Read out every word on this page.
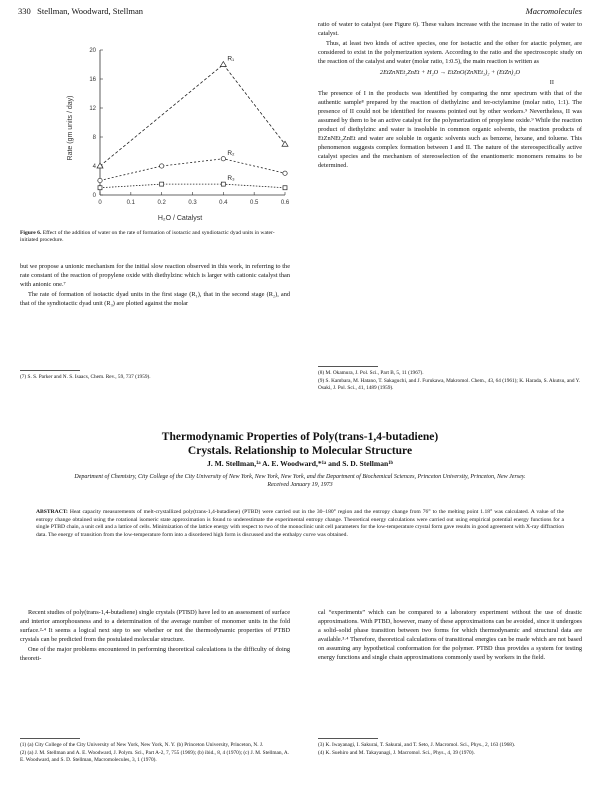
330 Stellman, Woodward, Stellman	Macromolecules
0	0.1	0.2	0.3	0.4	0.5	0.6
0
4
8
12
16
20
R₁
R₂
R₃
Rate (gm units / day)
H₂O / Catalyst
Figure 6. Effect of the addition of water on the rate of formation of isotactic and syndiotactic dyad units in water-initiated procedure.

but we propose a unionic mechanism for the initial slow reaction observed in this work, in referring to the rate constant of the reaction of propylene oxide with diethylzinc which is larger with cationic catalyst than with anionic one.⁷

The rate of formation of isotactic dyad units in the first stage (R₁), that in the second stage (R₂), and that of the syndiotactic dyad unit (R₃) are plotted against the molar

(7) S. S. Parker and N. S. Isaacs, Chem. Rev., 59, 737 (1959).

ratio of water to catalyst (see Figure 6). These values increase with the increase in the ratio of water to catalyst.

Thus, at least two kinds of active species, one for isotactic and the other for atactic polymer, are considered to exist in the polymerization system. According to the ratio and the spectroscopic study on the reaction of the catalyst and water (molar ratio, 1:0.5), the main reaction is written as

2EtZnNEt₂ZnEt + H₂O → EtZnO(ZnNEt₂)₂ + (EtZn)₂O
II

The presence of I in the products was identified by comparing the nmr spectrum with that of the authentic sample⁸ prepared by the reaction of diethylzinc and ter-octylamine (molar ratio, 1:1). The presence of II could not be identified for reasons pointed out by other workers.⁹ Nevertheless, II was assumed by them to be an active catalyst for the polymerization of propylene oxide.⁹ While the reaction product of diethylzinc and water is insoluble in common organic solvents, the reaction products of EtZnNEt₂ZnEt and water are soluble in organic solvents such as benzene, hexane, and toluene. This phenomenon suggests complex formation between I and II. The nature of the stereospecifically active catalyst species and the mechanism of stereoselection of the enantiomeric monomers remains to be determined.

(8) M. Okamura, J. Pol. Sci., Part B, 5, 11 (1967).
(9) S. Kambara, M. Hatano, T. Sakaguchi, and J. Furukawa, Makromol. Chem., 43, 64 (1961); K. Harada, S. Akutsu, and Y. Osaki, J. Pol. Sci., 41, 1489 (1959).
Thermodynamic Properties of Poly(trans-1,4-butadiene)
Crystals. Relationship to Molecular Structure
J. M. Stellman,¹ᵃ A. E. Woodward,*¹ᵃ and S. D. Stellman¹ᵇ
Department of Chemistry, City College of the City University of New York, New York, New York, and the Department of Biochemical Sciences, Princeton University, Princeton, New Jersey. Received January 19, 1973
ABSTRACT: Heat capacity measurements of melt-crystallized poly(trans-1,4-butadiene) (PTBD) were carried out in the 30–180° region and the entropy change from 76° to the melting point 1.18° was calculated. A value of the entropy change obtained using the rotational isomeric state approximation is found to underestimate the experimental entropy change. Theoretical energy calculations were carried out using empirical potential energy functions for a single PTBD chain, a unit cell and a lattice of cells. Minimization of the lattice energy with respect to two of the monoclinic unit cell parameters for the low-temperature crystal form gave results in good agreement with X-ray diffraction data. The energy of transition from the low-temperature form into a disordered high form is discussed and the enthalpy curve was obtained.

Recent studies of poly(trans-1,4-butadiene) single crystals (PTBD) have led to an assessment of surface and interior amorphousness and to a determination of the average number of monomer units in the fold surface.²‑⁴ It seems a logical next step to see whether or not the thermodynamic properties of PTBD crystals can be predicted from the postulated molecular structure.

One of the major problems encountered in performing theoretical calculations is the difficulty of doing theoreti-

(1) (a) City College of the City University of New York, New York, N. Y. (b) Princeton University, Princeton, N. J.
(2) (a) J. M. Stellman and A. E. Woodward, J. Polym. Sci., Part A-2, 7, 755 (1969); (b) ibid., 8, 4 (1970); (c) J. M. Stellman, A. E. Woodward, and S. D. Stellman, Macromolecules, 3, 1 (1970).

cal “experiments” which can be compared to a laboratory experiment without the use of drastic approximations. With PTBD, however, many of these approximations can be avoided, since it undergoes a solid–solid phase transition between two forms for which thermodynamic and structural data are available.³·⁴ Therefore, theoretical calculations of transitional energies can be made which are not based on assuming any hypothetical conformation for the polymer. PTBD thus provides a system for testing energy functions and single chain approximations commonly used by workers in the field.

(3) K. Iwayanagi, I. Sakurai, T. Sakurai, and T. Seto, J. Macromol. Sci., Phys., 2, 163 (1968).
(4) K. Suehiro and M. Takayanagi, J. Macromol. Sci., Phys., 4, 39 (1970).
